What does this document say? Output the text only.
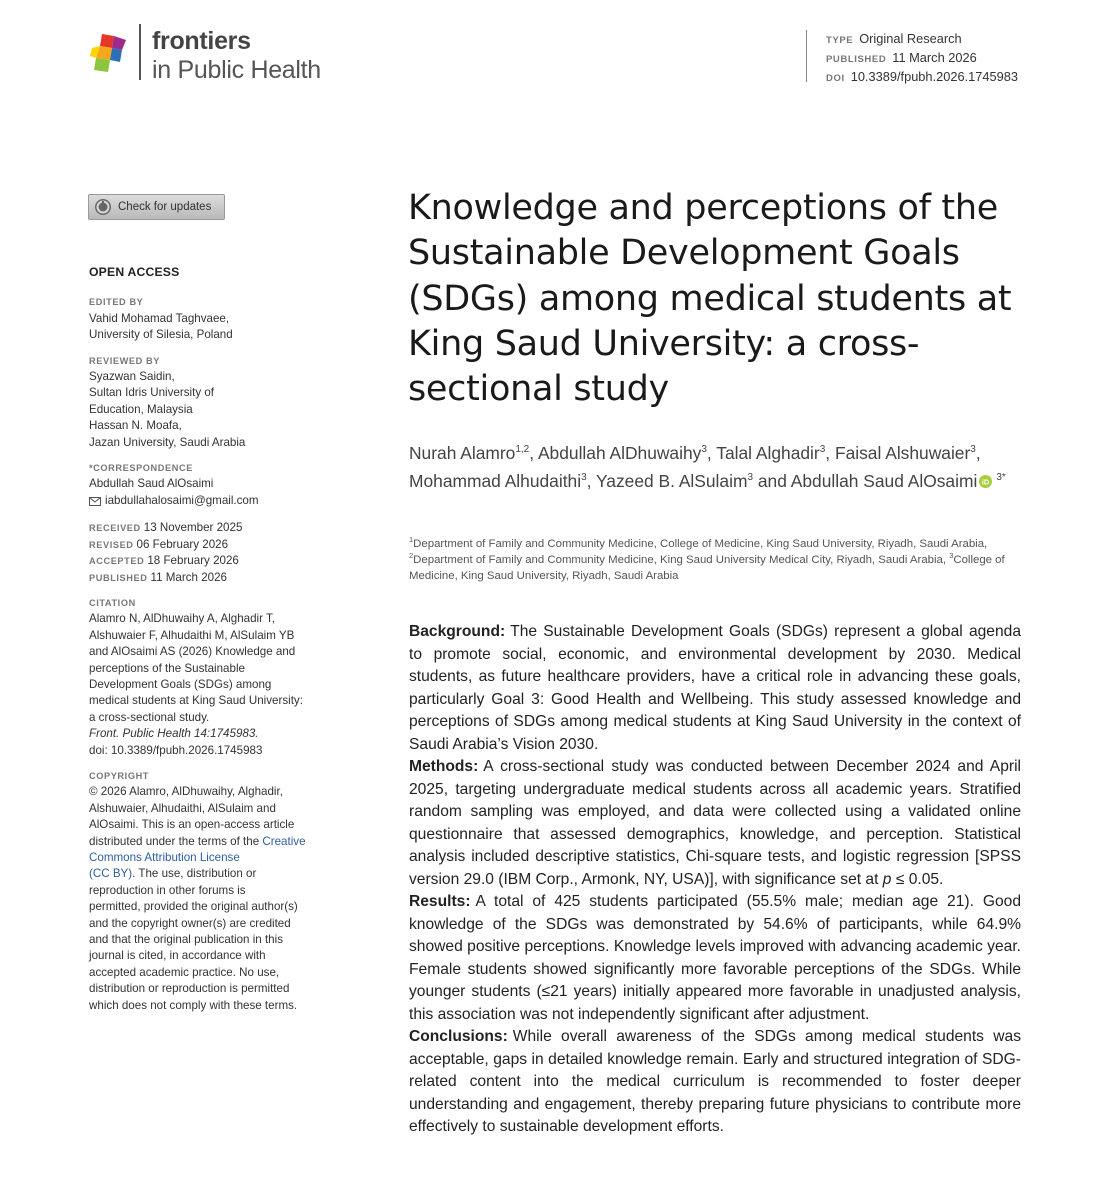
frontiers
in Public Health
TYPE Original Research
PUBLISHED 11 March 2026
DOI 10.3389/fpubh.2026.1745983
Check for updates
OPEN ACCESS
EDITED BY
Vahid Mohamad Taghvaee,
University of Silesia, Poland
REVIEWED BY
Syazwan Saidin,
Sultan Idris University of
Education, Malaysia
Hassan N. Moafa,
Jazan University, Saudi Arabia
*CORRESPONDENCE
Abdullah Saud AlOsaimi
iabdullahalosaimi@gmail.com
RECEIVED 13 November 2025
REVISED 06 February 2026
ACCEPTED 18 February 2026
PUBLISHED 11 March 2026
CITATION
Alamro N, AlDhuwaihy A, Alghadir T,
Alshuwaier F, Alhudaithi M, AlSulaim YB
and AlOsaimi AS (2026) Knowledge and
perceptions of the Sustainable
Development Goals (SDGs) among
medical students at King Saud University:
a cross-sectional study.
Front. Public Health 14:1745983.
doi: 10.3389/fpubh.2026.1745983
COPYRIGHT
© 2026 Alamro, AlDhuwaihy, Alghadir,
Alshuwaier, Alhudaithi, AlSulaim and
AlOsaimi. This is an open-access article
distributed under the terms of the Creative Commons Attribution License
(CC BY). The use, distribution or
reproduction in other forums is
permitted, provided the original author(s)
and the copyright owner(s) are credited
and that the original publication in this
journal is cited, in accordance with
accepted academic practice. No use,
distribution or reproduction is permitted
which does not comply with these terms.
Knowledge and perceptions of the Sustainable Development Goals (SDGs) among medical students at King Saud University: a cross-sectional study
Nurah Alamro$^{1,2}$, Abdullah AlDhuwaihy$^3$, Talal Alghadir$^3$, Faisal Alshuwaier$^3$, Mohammad Alhudaithi$^3$, Yazeed B. AlSulaim$^3$ and Abdullah Saud AlOsaimi iD $^{3*}$
$^1$Department of Family and Community Medicine, College of Medicine, King Saud University, Riyadh, Saudi Arabia, $^2$Department of Family and Community Medicine, King Saud University Medical City, Riyadh, Saudi Arabia, $^3$College of Medicine, King Saud University, Riyadh, Saudi Arabia

Background: The Sustainable Development Goals (SDGs) represent a global agenda to promote social, economic, and environmental development by 2030. Medical students, as future healthcare providers, have a critical role in advancing these goals, particularly Goal 3: Good Health and Wellbeing. This study assessed knowledge and perceptions of SDGs among medical students at King Saud University in the context of Saudi Arabia’s Vision 2030.

Methods: A cross-sectional study was conducted between December 2024 and April 2025, targeting undergraduate medical students across all academic years. Stratified random sampling was employed, and data were collected using a validated online questionnaire that assessed demographics, knowledge, and perception. Statistical analysis included descriptive statistics, Chi-square tests, and logistic regression [SPSS version 29.0 (IBM Corp., Armonk, NY, USA)], with significance set at p ≤ 0.05.

Results: A total of 425 students participated (55.5% male; median age 21). Good knowledge of the SDGs was demonstrated by 54.6% of participants, while 64.9% showed positive perceptions. Knowledge levels improved with advancing academic year. Female students showed significantly more favorable perceptions of the SDGs. While younger students (≤21 years) initially appeared more favorable in unadjusted analysis, this association was not independently significant after adjustment.

Conclusions: While overall awareness of the SDGs among medical students was acceptable, gaps in detailed knowledge remain. Early and structured integration of SDG-related content into the medical curriculum is recommended to foster deeper understanding and engagement, thereby preparing future physicians to contribute more effectively to sustainable development efforts.
